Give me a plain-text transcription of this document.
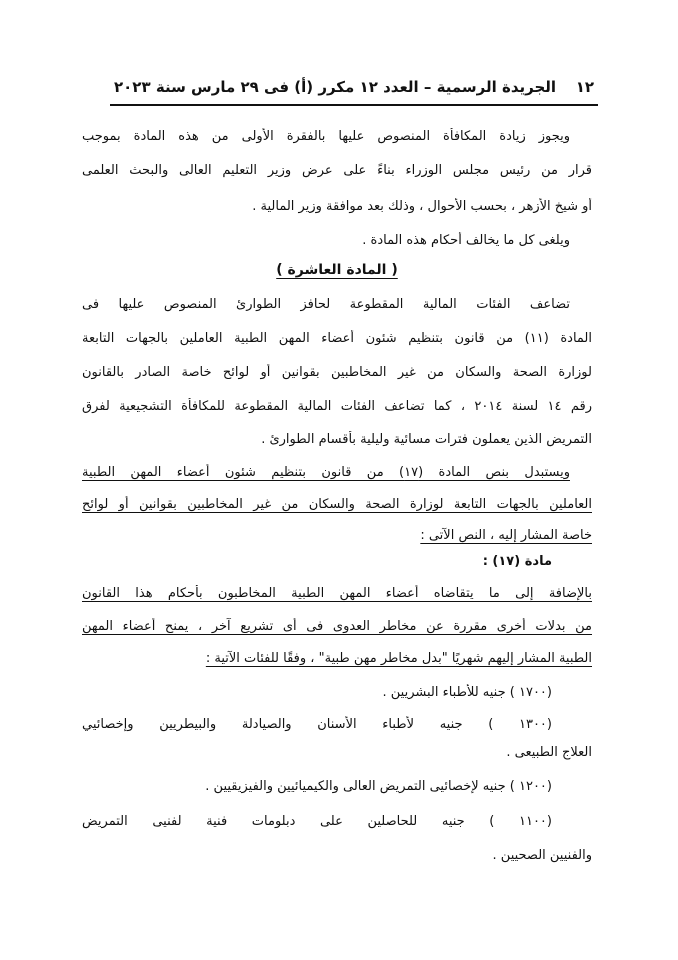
١٢
الجريدة الرسمية – العدد ١٢ مكرر (أ) فى ٢٩ مارس سنة ٢٠٢٣
ويجوز زيادة المكافأة المنصوص عليها بالفقرة الأولى من هذه المادة بموجب
قرار من رئيس مجلس الوزراء بناءً على عرض وزير التعليم العالى والبحث العلمى
أو شيخ الأزهر ، بحسب الأحوال ، وذلك بعد موافقة وزير المالية .
ويلغى كل ما يخالف أحكام هذه المادة .
( المادة العاشرة )
تضاعف الفئات المالية المقطوعة لحافز الطوارئ المنصوص عليها فى
المادة (١١) من قانون بتنظيم شئون أعضاء المهن الطبية العاملين بالجهات التابعة
لوزارة الصحة والسكان من غير المخاطبين بقوانين أو لوائح خاصة الصادر بالقانون
رقم ١٤ لسنة ٢٠١٤ ، كما تضاعف الفئات المالية المقطوعة للمكافأة التشجيعية لفرق
التمريض الذين يعملون فترات مسائية وليلية بأقسام الطوارئ .
ويستبدل بنص المادة (١٧) من قانون بتنظيم شئون أعضاء المهن الطبية
العاملين بالجهات التابعة لوزارة الصحة والسكان من غير المخاطبين بقوانين أو لوائح
خاصة المشار إليه ، النص الآتى :
مادة (١٧) :
بالإضافة إلى ما يتقاضاه أعضاء المهن الطبية المخاطبون بأحكام هذا القانون
من بدلات أخرى مقررة عن مخاطر العدوى فى أى تشريع آخر ، يمنح أعضاء المهن
الطبية المشار إليهم شهريًا "بدل مخاطر مهن طبية" ، وفقًا للفئات الآتية :
(١٧٠٠ ) جنيه للأطباء البشريين .
(١٣٠٠ ) جنيه لأطباء الأسنان والصيادلة والبيطريين وإخصائيي
العلاج الطبيعى .
(١٢٠٠ ) جنيه لإخصائيى التمريض العالى والكيميائيين والفيزيقيين .
(١١٠٠ ) جنيه للحاصلين على دبلومات فنية لفنيى التمريض
والفنيين الصحيين .
